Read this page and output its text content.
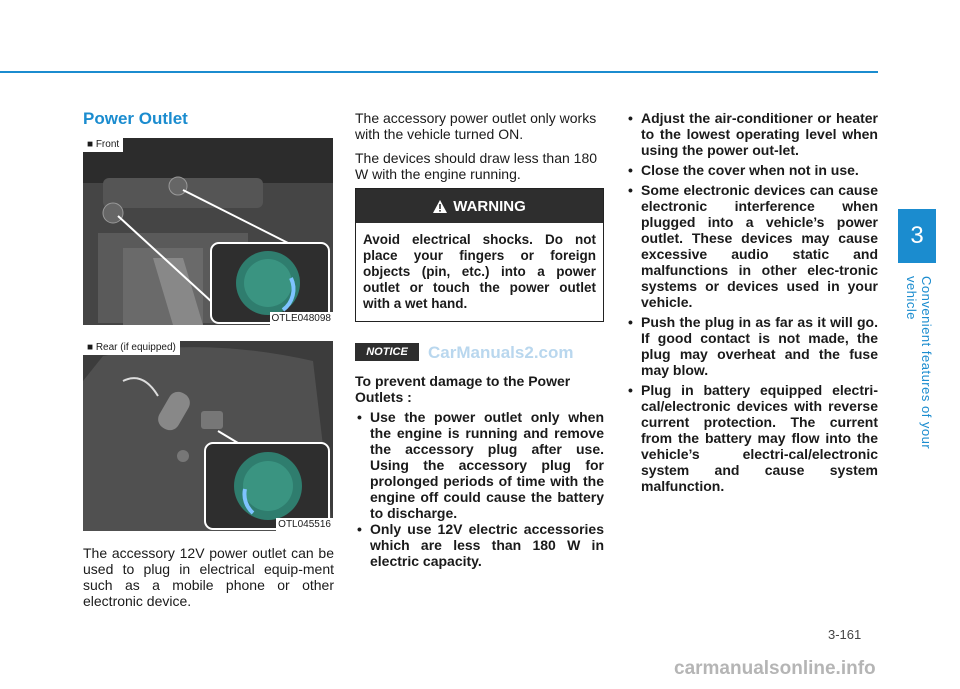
3
Convenient features of your vehicle
Power Outlet
■ Front
OTLE048098
■ Rear (if equipped)
OTL045516
The accessory 12V power outlet can be used to plug in electrical equip-ment such as a mobile phone or other electronic device.

The accessory power outlet only works with the vehicle turned ON.

The devices should draw less than 180 W with the engine running.

WARNING
Avoid electrical shocks. Do not place your fingers or foreign objects (pin, etc.) into a power outlet or touch the power outlet with a wet hand.
NOTICE	CarManuals2.com
To prevent damage to the Power Outlets :
• Use the power outlet only when the engine is running and remove the accessory plug after use. Using the accessory plug for prolonged periods of time with the engine off could cause the battery to discharge.
• Only use 12V electric accessories which are less than 180 W in electric capacity.
• Adjust the air-conditioner or heater to the lowest operating level when using the power out-let.
• Close the cover when not in use.
• Some electronic devices can cause electronic interference when plugged into a vehicle’s power outlet. These devices may cause excessive audio static and malfunctions in other elec-tronic systems or devices used in your vehicle.
• Push the plug in as far as it will go. If good contact is not made, the plug may overheat and the fuse may blow.
• Plug in battery equipped electri-cal/electronic devices with reverse current protection. The current from the battery may flow into the vehicle’s electri-cal/electronic system and cause system malfunction.
3-161
carmanualsonline.info
